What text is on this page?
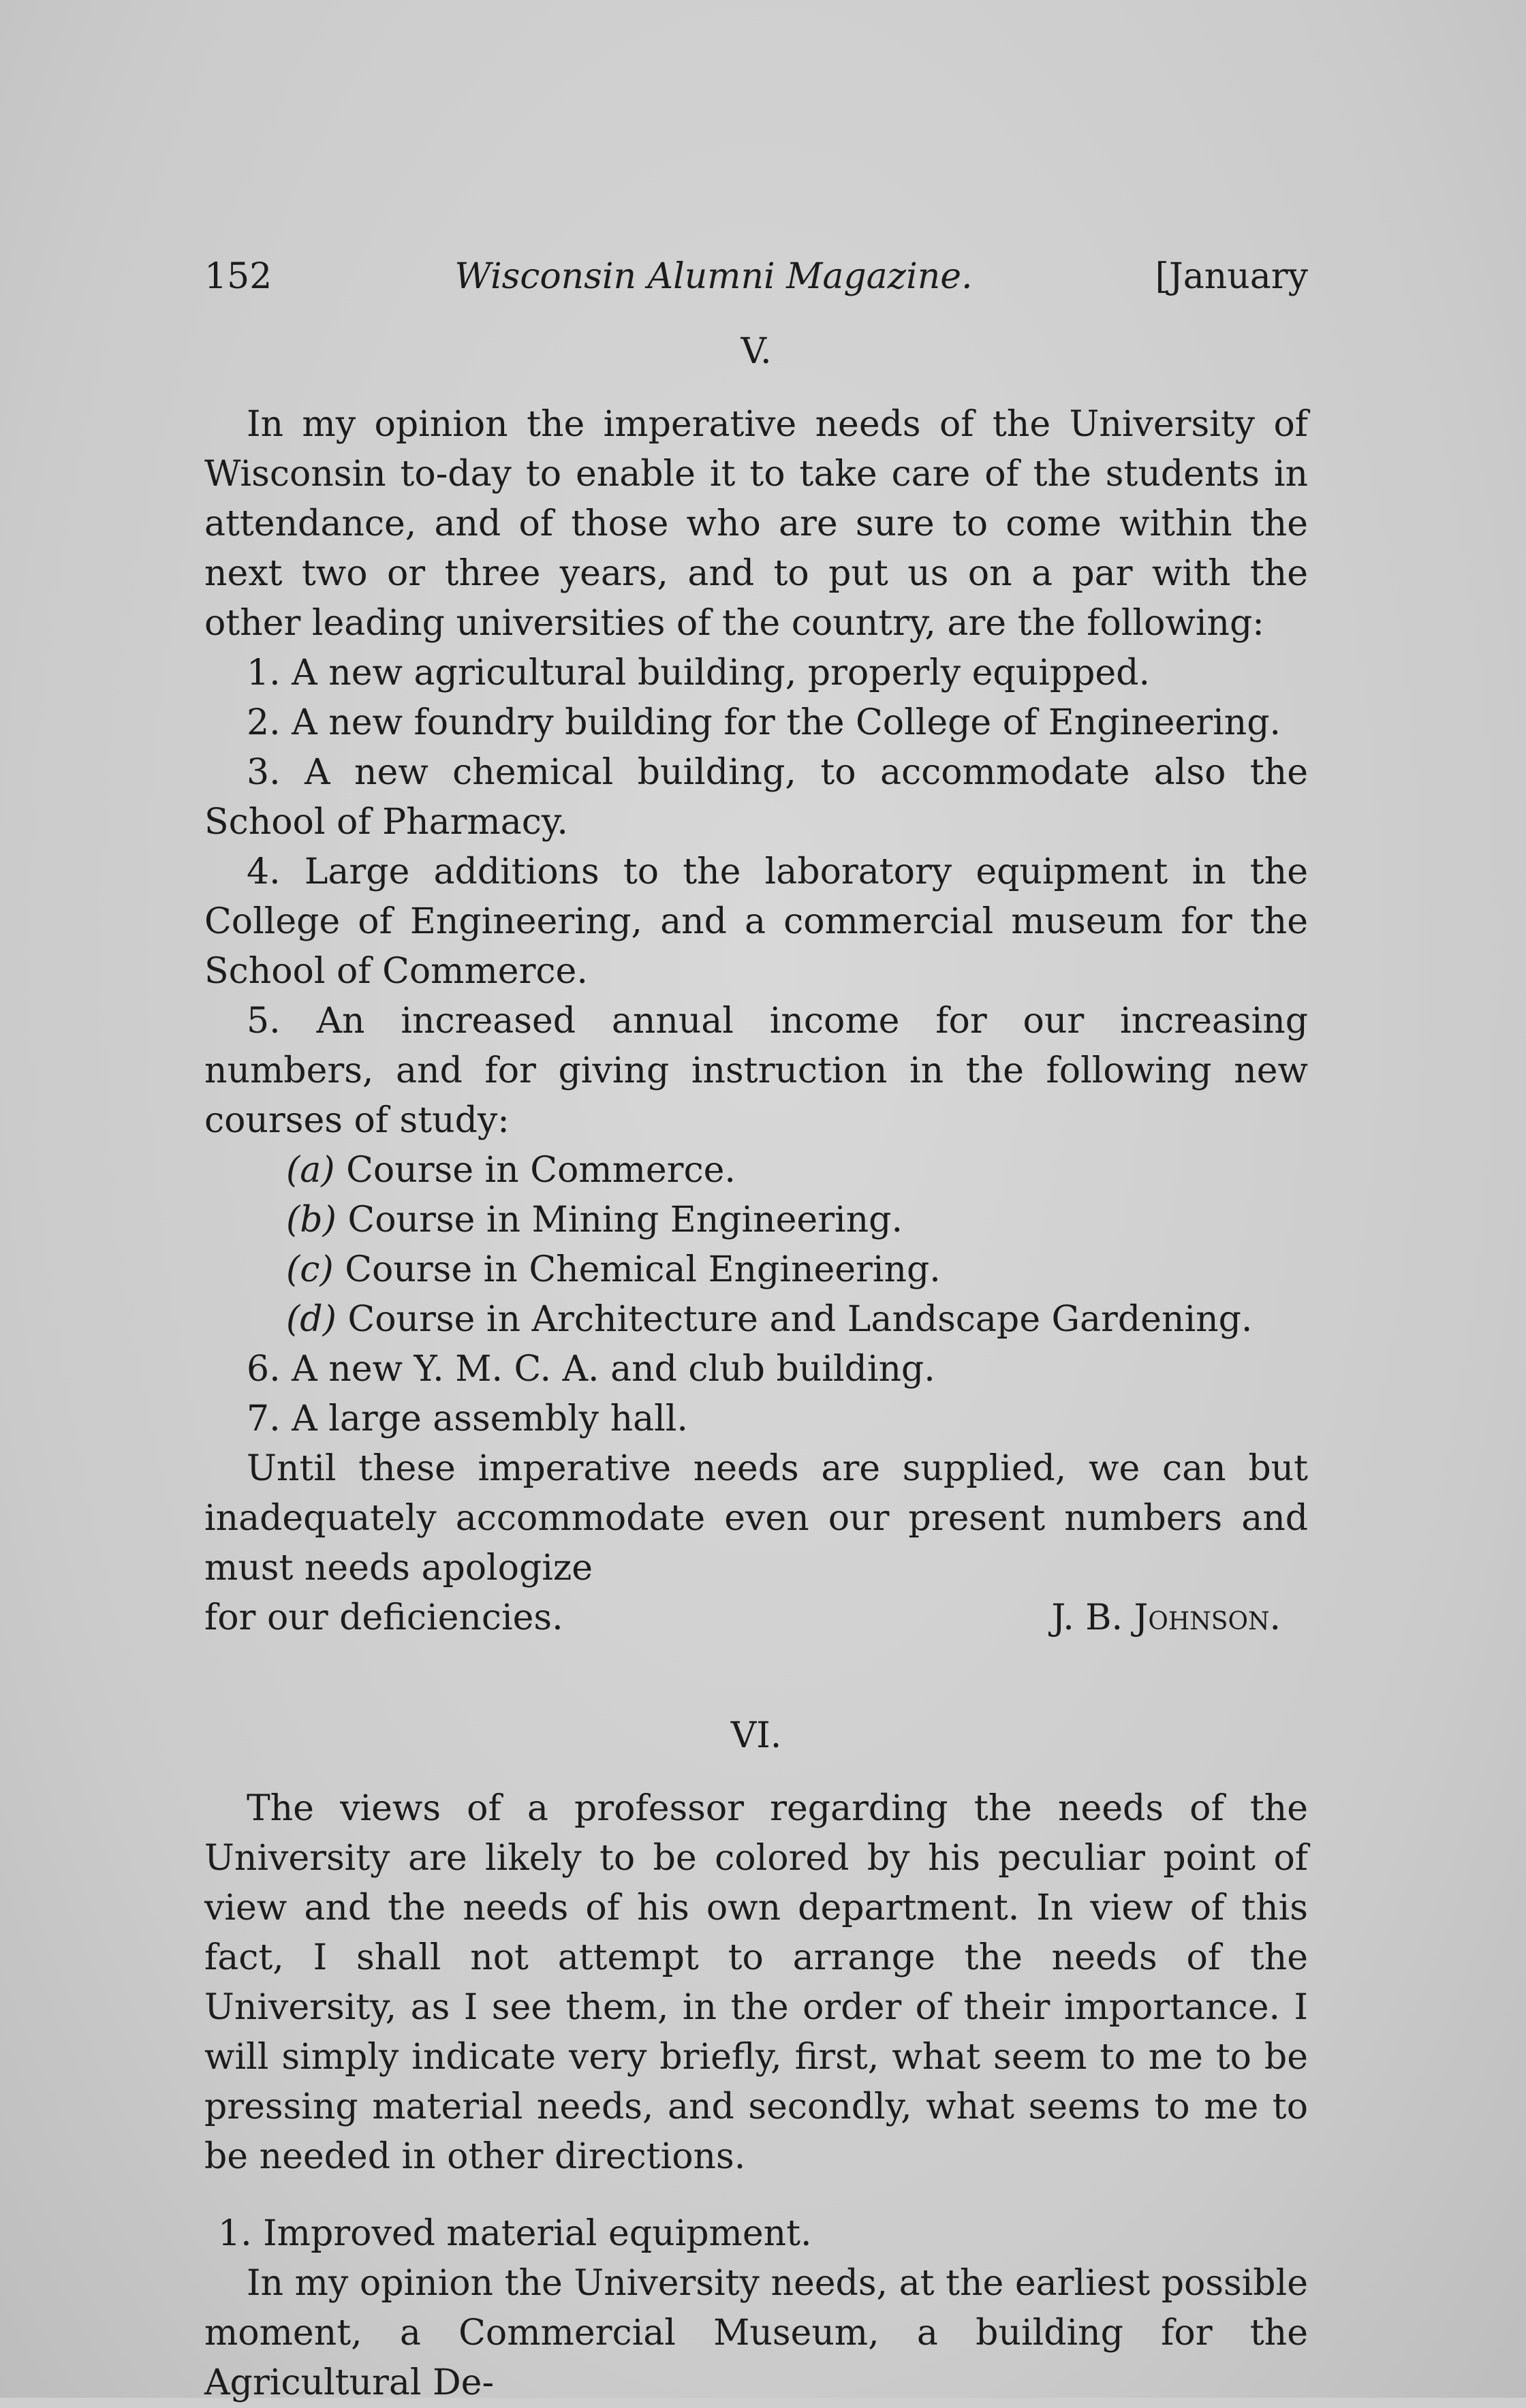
152	Wisconsin Alumni Magazine.	[January
V.

In my opinion the imperative needs of the University of Wisconsin to-day to enable it to take care of the students in attendance, and of those who are sure to come within the next two or three years, and to put us on a par with the other leading universities of the country, are the following:

1. A new agricultural building, properly equipped.

2. A new foundry building for the College of Engineering.

3. A new chemical building, to accommodate also the School of Pharmacy.

4. Large additions to the laboratory equipment in the College of Engineering, and a commercial museum for the School of Commerce.

5. An increased annual income for our increasing numbers, and for giving instruction in the following new courses of study:

(a) Course in Commerce.

(b) Course in Mining Engineering.

(c) Course in Chemical Engineering.

(d) Course in Architecture and Landscape Gardening.

6. A new Y. M. C. A. and club building.

7. A large assembly hall.

Until these imperative needs are supplied, we can but inadequately accommodate even our present numbers and must needs apologize

for our deficiencies.	J. B. Johnson.
VI.

The views of a professor regarding the needs of the University are likely to be colored by his peculiar point of view and the needs of his own department. In view of this fact, I shall not attempt to arrange the needs of the University, as I see them, in the order of their importance. I will simply indicate very briefly, first, what seem to me to be pressing material needs, and secondly, what seems to me to be needed in other directions.

1. Improved material equipment.

In my opinion the University needs, at the earliest possible moment, a Commercial Museum, a building for the Agricultural De-
